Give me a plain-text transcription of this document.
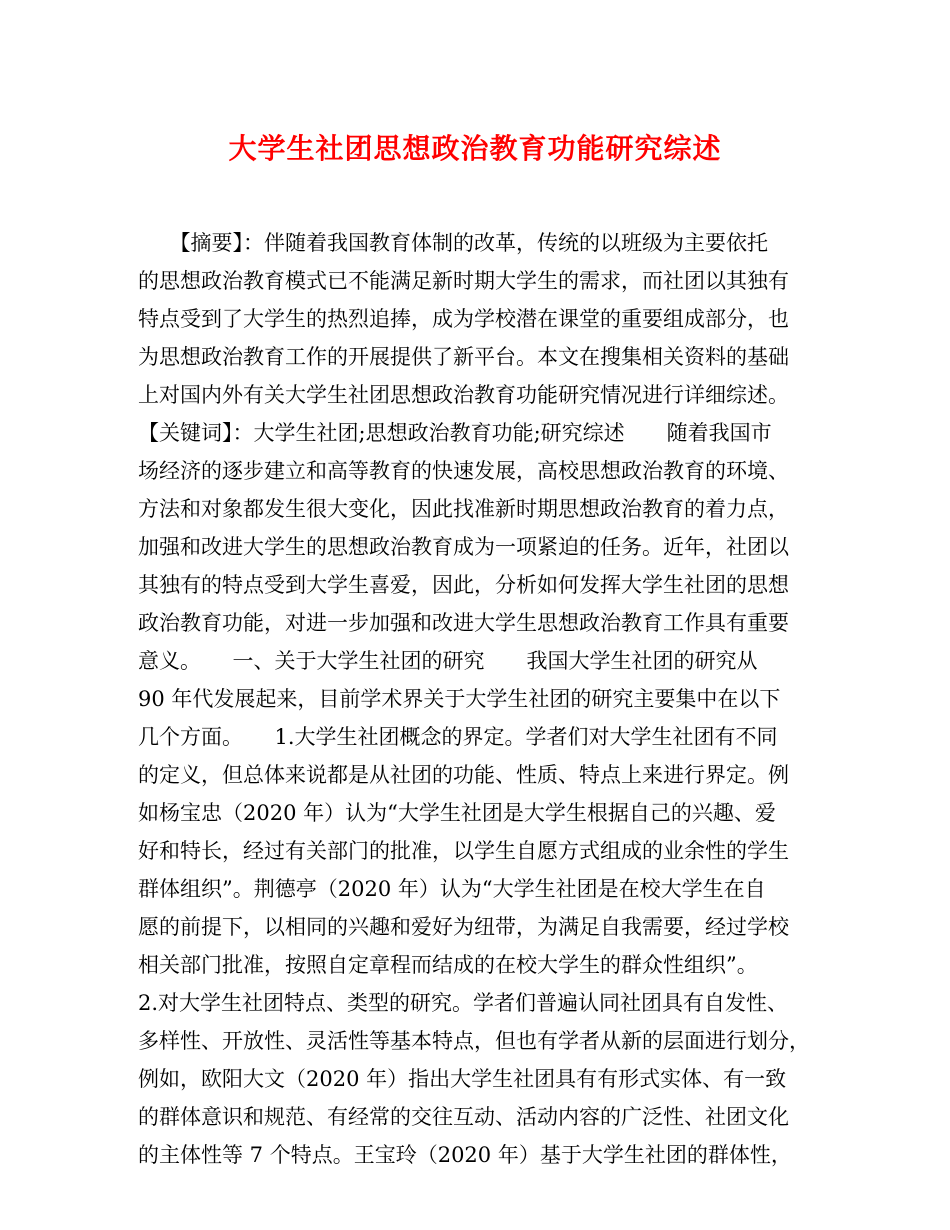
大学生社团思想政治教育功能研究综述
　　【摘要】：伴随着我国教育体制的改革，传统的以班级为主要依托
的思想政治教育模式已不能满足新时期大学生的需求，而社团以其独有
特点受到了大学生的热烈追捧，成为学校潜在课堂的重要组成部分，也
为思想政治教育工作的开展提供了新平台。本文在搜集相关资料的基础
上对国内外有关大学生社团思想政治教育功能研究情况进行详细综述。
【关键词】：大学生社团;思想政治教育功能;研究综述　　随着我国市
场经济的逐步建立和高等教育的快速发展，高校思想政治教育的环境、
方法和对象都发生很大变化，因此找准新时期思想政治教育的着力点，
加强和改进大学生的思想政治教育成为一项紧迫的任务。近年，社团以
其独有的特点受到大学生喜爱，因此，分析如何发挥大学生社团的思想
政治教育功能，对进一步加强和改进大学生思想政治教育工作具有重要
意义。　　一、关于大学生社团的研究　　我国大学生社团的研究从
90 年代发展起来，目前学术界关于大学生社团的研究主要集中在以下
几个方面。　　1.大学生社团概念的界定。学者们对大学生社团有不同
的定义，但总体来说都是从社团的功能、性质、特点上来进行界定。例
如杨宝忠（2020 年）认为“大学生社团是大学生根据自己的兴趣、爱
好和特长，经过有关部门的批准，以学生自愿方式组成的业余性的学生
群体组织”。荆德亭（2020 年）认为“大学生社团是在校大学生在自
愿的前提下，以相同的兴趣和爱好为纽带，为满足自我需要，经过学校
相关部门批准，按照自定章程而结成的在校大学生的群众性组织”。
2.对大学生社团特点、类型的研究。学者们普遍认同社团具有自发性、
多样性、开放性、灵活性等基本特点，但也有学者从新的层面进行划分，
例如，欧阳大文（2020 年）指出大学生社团具有有形式实体、有一致
的群体意识和规范、有经常的交往互动、活动内容的广泛性、社团文化
的主体性等 7 个特点。王宝玲（2020 年）基于大学生社团的群体性，
